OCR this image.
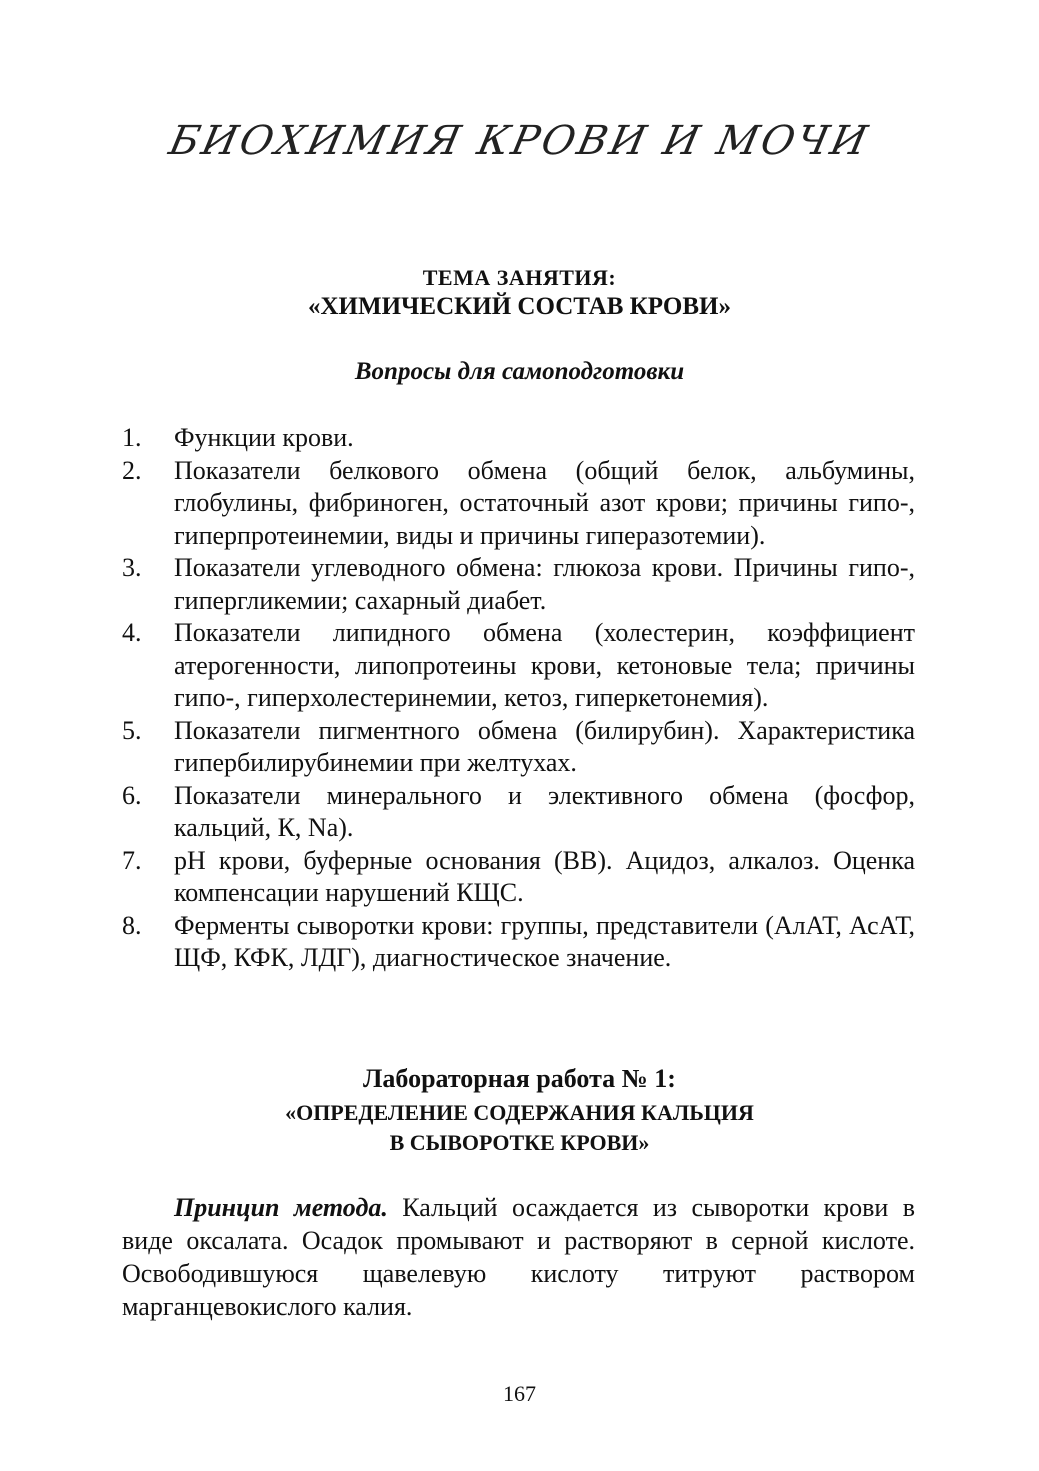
БИОХИМИЯ КРОВИ И МОЧИ
ТЕМА ЗАНЯТИЯ:
«ХИМИЧЕСКИЙ СОСТАВ КРОВИ»
Вопросы для самоподготовки
1.	Функции крови.
2.	Показатели белкового обмена (общий белок, альбумины, глобулины, фибриноген, остаточный азот крови; причины гипо-, гиперпротеинемии, виды и причины гиперазотемии).
3.	Показатели углеводного обмена: глюкоза крови. Причины гипо-, гипергликемии; сахарный диабет.
4.	Показатели липидного обмена (холестерин, коэффициент атерогенности, липопротеины крови, кетоновые тела; причины гипо-, гиперхолестеринемии, кетоз, гиперкетонемия).
5.	Показатели пигментного обмена (билирубин). Характеристика гипербилирубинемии при желтухах.
6.	Показатели минерального и элективного обмена (фосфор, кальций, К, Na).
7.	pH крови, буферные основания (ВВ). Ацидоз, алкалоз. Оценка компенсации нарушений КЩС.
8.	Ферменты сыворотки крови: группы, представители (АлАТ, АсАТ, ЩФ, КФК, ЛДГ), диагностическое значение.
Лабораторная работа № 1:
«ОПРЕДЕЛЕНИЕ СОДЕРЖАНИЯ КАЛЬЦИЯ
В СЫВОРОТКЕ КРОВИ»

Принцип метода. Кальций осаждается из сыворотки крови в виде оксалата. Осадок промывают и растворяют в серной кислоте. Освободившуюся щавелевую кислоту титруют раствором марганцевокислого калия.

167
